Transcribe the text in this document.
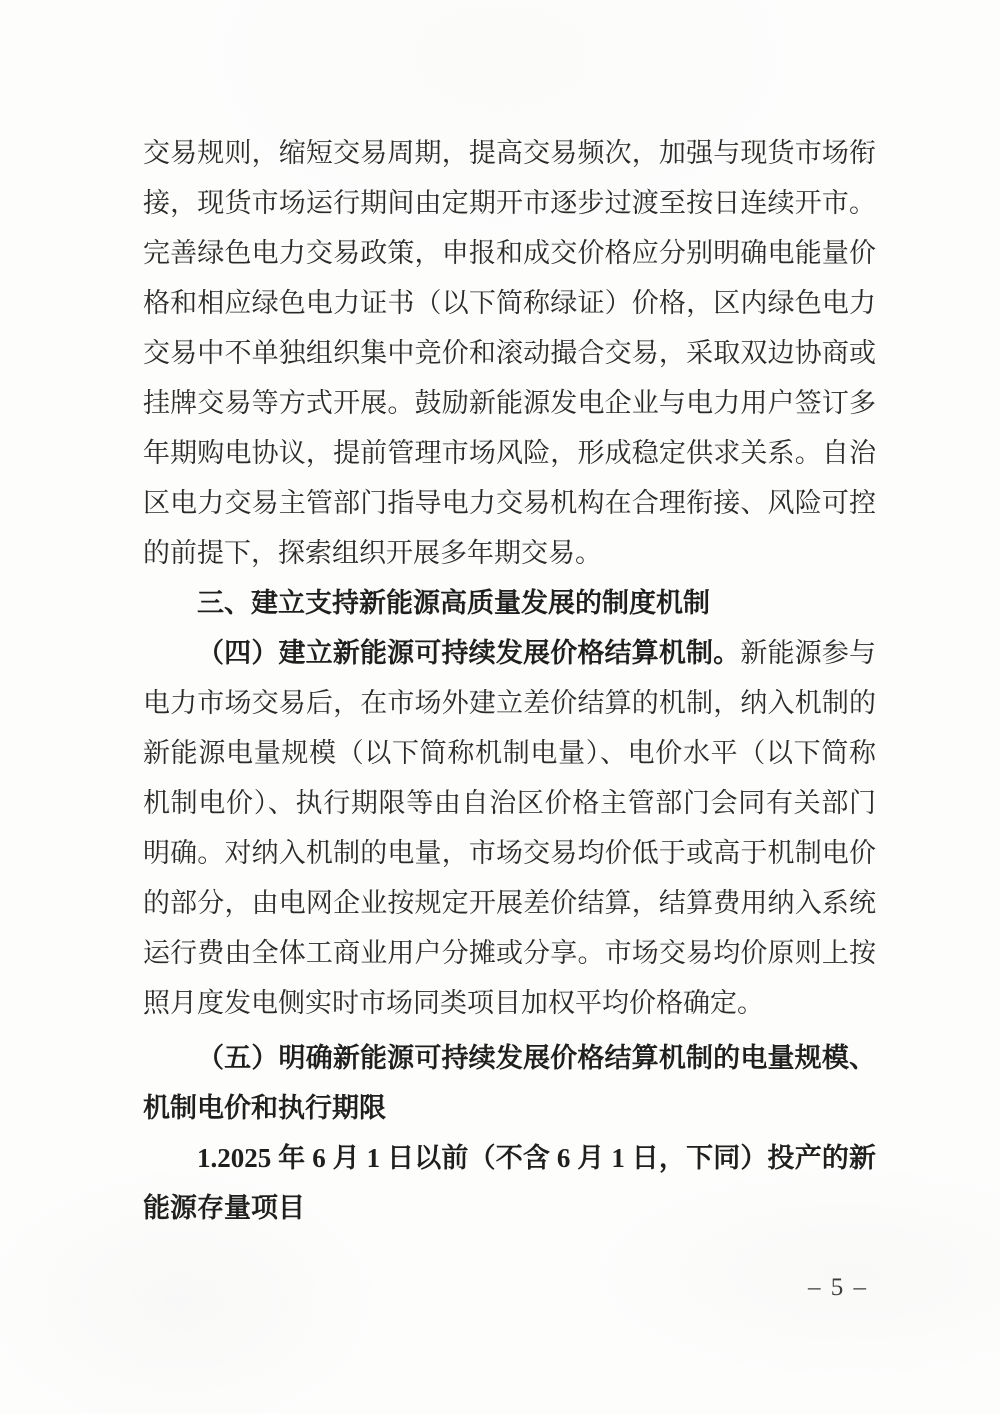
交易规则，缩短交易周期，提高交易频次，加强与现货市场衔
接，现货市场运行期间由定期开市逐步过渡至按日连续开市。
完善绿色电力交易政策，申报和成交价格应分别明确电能量价
格和相应绿色电力证书（以下简称绿证）价格，区内绿色电力
交易中不单独组织集中竞价和滚动撮合交易，采取双边协商或
挂牌交易等方式开展。鼓励新能源发电企业与电力用户签订多
年期购电协议，提前管理市场风险，形成稳定供求关系。自治
区电力交易主管部门指导电力交易机构在合理衔接、风险可控
的前提下，探索组织开展多年期交易。
三、建立支持新能源高质量发展的制度机制
（四）建立新能源可持续发展价格结算机制。新能源参与
电力市场交易后，在市场外建立差价结算的机制，纳入机制的
新能源电量规模（以下简称机制电量）、电价水平（以下简称
机制电价）、执行期限等由自治区价格主管部门会同有关部门
明确。对纳入机制的电量，市场交易均价低于或高于机制电价
的部分，由电网企业按规定开展差价结算，结算费用纳入系统
运行费由全体工商业用户分摊或分享。市场交易均价原则上按
照月度发电侧实时市场同类项目加权平均价格确定。
（五）明确新能源可持续发展价格结算机制的电量规模、
机制电价和执行期限
1.2025 年 6 月 1 日以前（不含 6 月 1 日，下同）投产的新
能源存量项目
– 5 –
